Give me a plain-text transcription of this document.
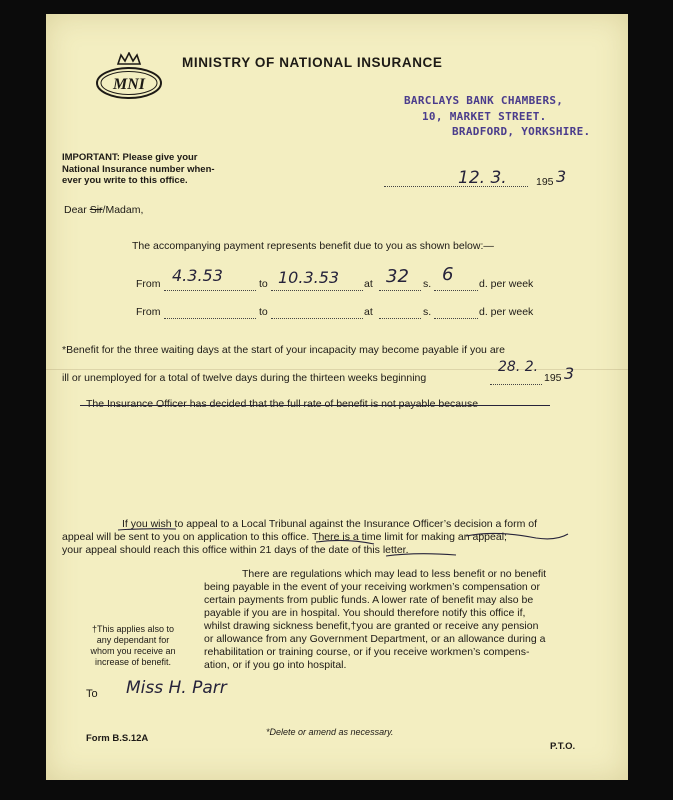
MNI
MINISTRY OF NATIONAL INSURANCE
BARCLAYS BANK CHAMBERS,
10, MARKET STREET.
BRADFORD, YORKSHIRE.
IMPORTANT: Please give your
National Insurance number when-
ever you write to this office.	12. 3.	195 3
Dear Sir/Madam,
The accompanying payment represents benefit due to you as shown below:—
From 4.3.53	to 10.3.53 at 32 s. 6 d. per week
From	to	at	s.	d. per week
*Benefit for the three waiting days at the start of your incapacity may become payable if you are
ill or unemployed for a total of twelve days during the thirteen weeks beginning
28. 2.
195 3
The Insurance Officer has decided that the full rate of benefit is not payable because
If you wish to appeal to a Local Tribunal against the Insurance Officer’s decision a form of
appeal will be sent to you on application to this office. There is a time limit for making an appeal;
your appeal should reach this office within 21 days of the date of this letter.
There are regulations which may lead to less benefit or no benefit
being payable in the event of your receiving workmen’s compensation or
certain payments from public funds. A lower rate of benefit may also be
payable if you are in hospital. You should therefore notify this office if,
whilst drawing sickness benefit,†you are granted or receive any pension
or allowance from any Government Department, or an allowance during a
rehabilitation or training course, or if you receive workmen’s compens-
ation, or if you go into hospital.
†This applies also to
any dependant for
whom you receive an
increase of benefit.
To Miss H. Parr
Form B.S.12A
*Delete or amend as necessary.
P.T.O.
